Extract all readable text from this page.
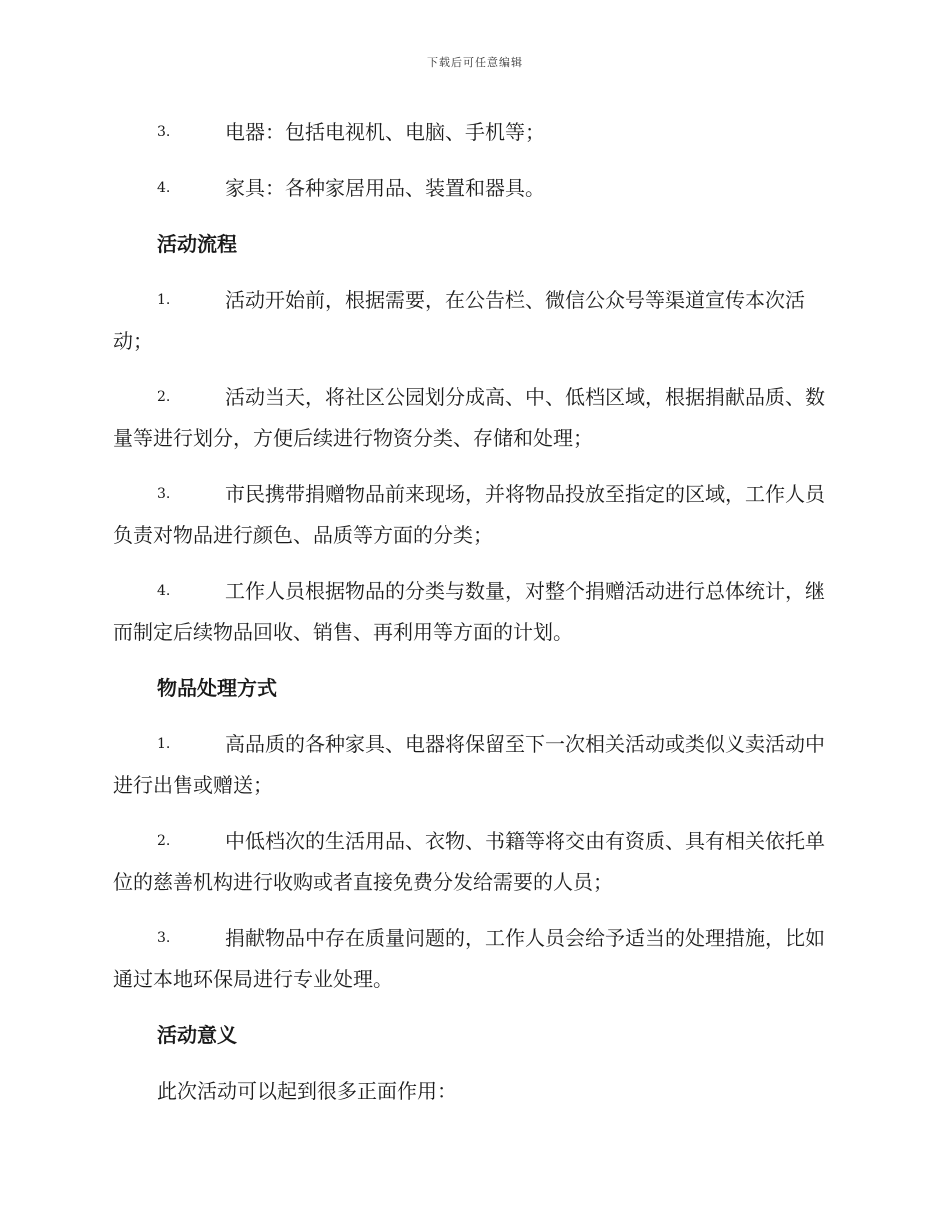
下载后可任意编辑
3.	电器：包括电视机、电脑、手机等；
4.	家具：各种家居用品、装置和器具。
活动流程
1.	活动开始前，根据需要，在公告栏、微信公众号等渠道宣传本次活动；
2.	活动当天，将社区公园划分成高、中、低档区域，根据捐献品质、数量等进行划分，方便后续进行物资分类、存储和处理；
3.	市民携带捐赠物品前来现场，并将物品投放至指定的区域，工作人员负责对物品进行颜色、品质等方面的分类；
4.	工作人员根据物品的分类与数量，对整个捐赠活动进行总体统计，继而制定后续物品回收、销售、再利用等方面的计划。
物品处理方式
1.	高品质的各种家具、电器将保留至下一次相关活动或类似义卖活动中进行出售或赠送；
2.	中低档次的生活用品、衣物、书籍等将交由有资质、具有相关依托单位的慈善机构进行收购或者直接免费分发给需要的人员；
3.	捐献物品中存在质量问题的，工作人员会给予适当的处理措施，比如通过本地环保局进行专业处理。
活动意义
此次活动可以起到很多正面作用：
